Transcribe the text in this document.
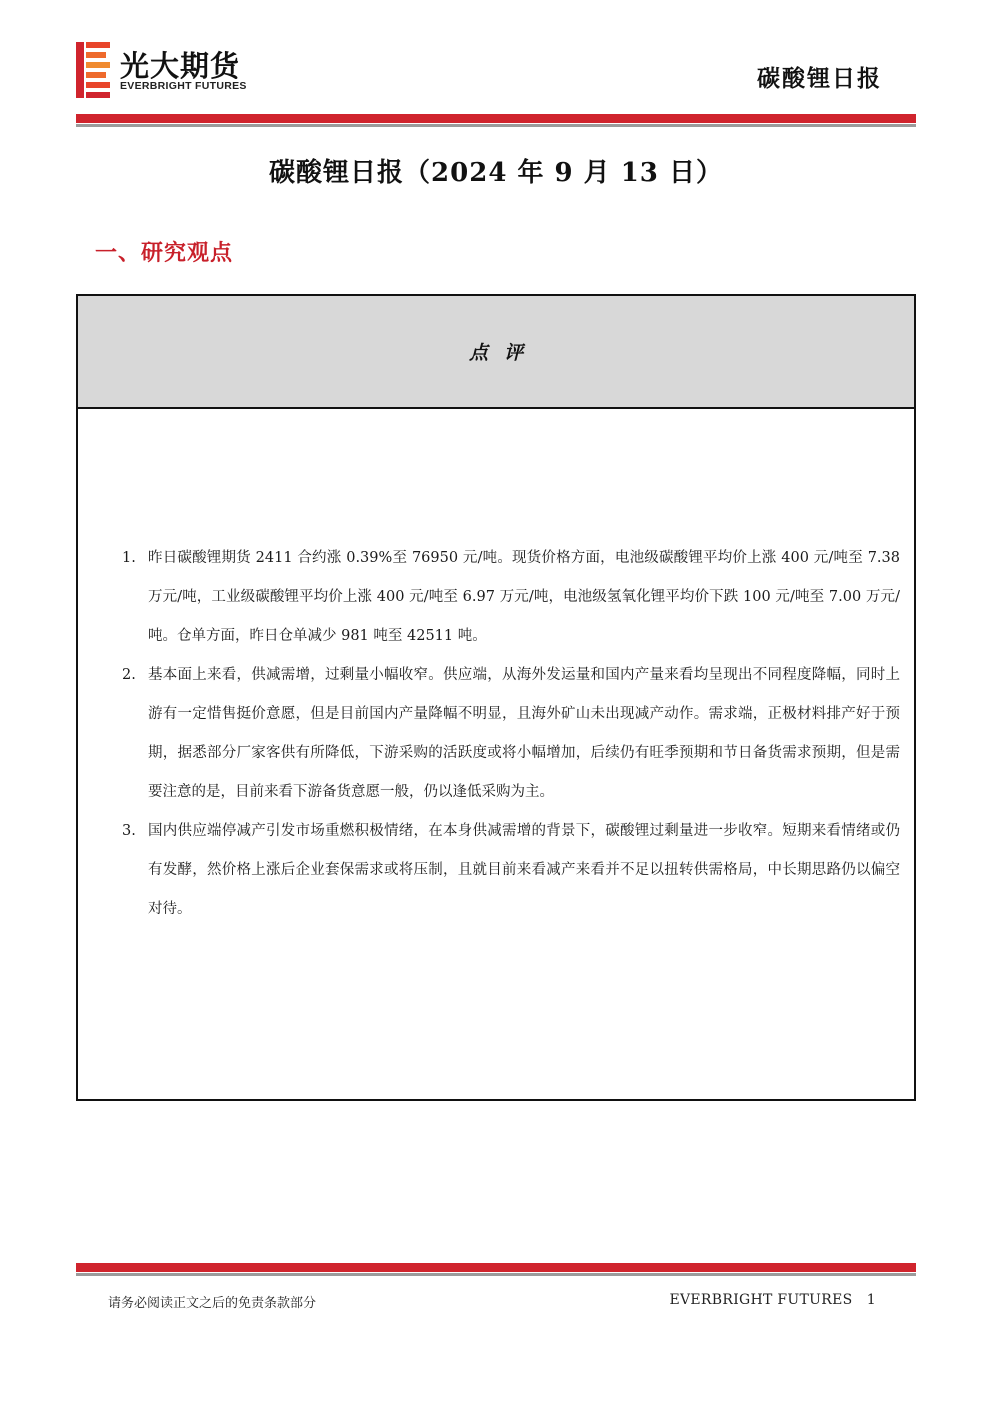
光大期货
EVERBRIGHT FUTURES	碳酸锂日报
碳酸锂日报（2024 年 9 月 13 日）
一、研究观点
点评
1. 昨日碳酸锂期货 2411 合约涨 0.39%至 76950 元/吨。现货价格方面，电池级碳酸锂平均价上涨 400 元/吨至 7.38 万元/吨，工业级碳酸锂平均价上涨 400 元/吨至 6.97 万元/吨，电池级氢氧化锂平均价下跌 100 元/吨至 7.00 万元/吨。仓单方面，昨日仓单减少 981 吨至 42511 吨。
2. 基本面上来看，供减需增，过剩量小幅收窄。供应端，从海外发运量和国内产量来看均呈现出不同程度降幅，同时上游有一定惜售挺价意愿，但是目前国内产量降幅不明显，且海外矿山未出现减产动作。需求端，正极材料排产好于预期，据悉部分厂家客供有所降低，下游采购的活跃度或将小幅增加，后续仍有旺季预期和节日备货需求预期，但是需要注意的是，目前来看下游备货意愿一般，仍以逢低采购为主。
3. 国内供应端停减产引发市场重燃积极情绪，在本身供减需增的背景下，碳酸锂过剩量进一步收窄。短期来看情绪或仍有发酵，然价格上涨后企业套保需求或将压制，且就目前来看减产来看并不足以扭转供需格局，中长期思路仍以偏空对待。
请务必阅读正文之后的免责条款部分	EVERBRIGHT FUTURES 1
